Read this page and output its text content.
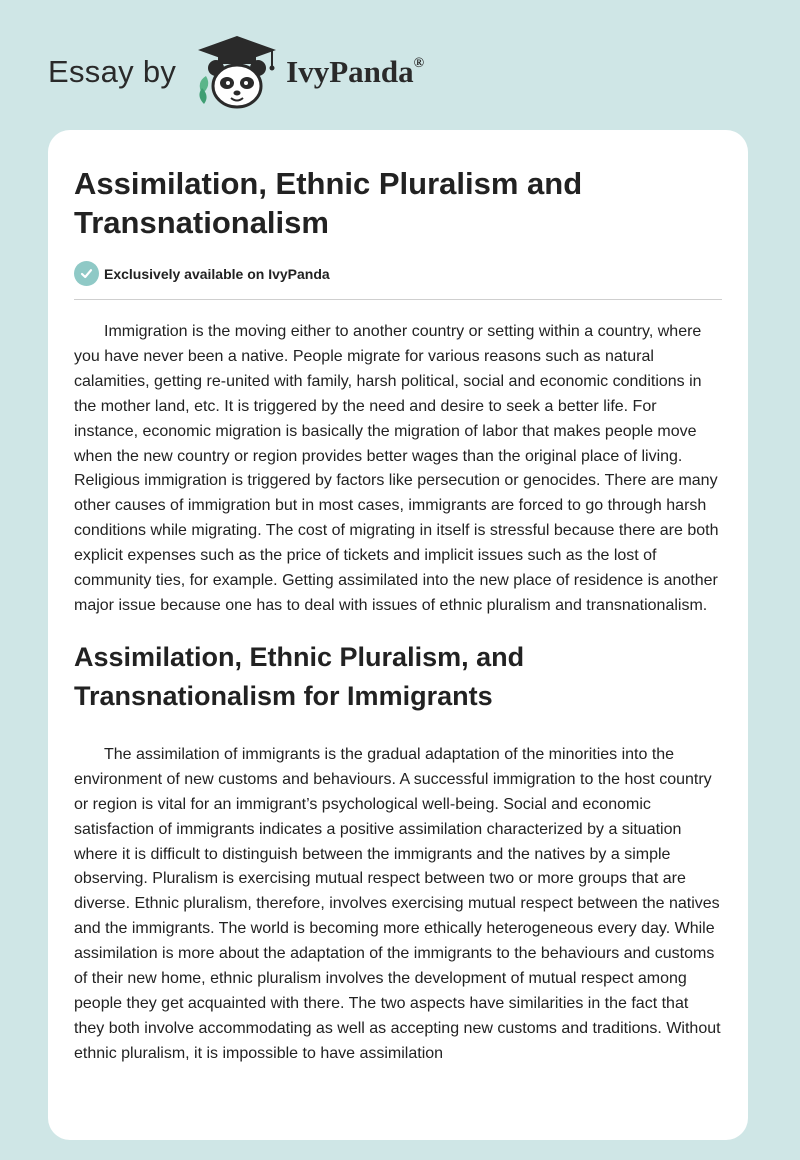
Essay by	IvyPanda®
Assimilation, Ethnic Pluralism and Transnationalism
Exclusively available on IvyPanda

Immigration is the moving either to another country or setting within a country, where you have never been a native. People migrate for various reasons such as natural calamities, getting re-united with family, harsh political, social and economic conditions in the mother land, etc. It is triggered by the need and desire to seek a better life. For instance, economic migration is basically the migration of labor that makes people move when the new country or region provides better wages than the original place of living. Religious immigration is triggered by factors like persecution or genocides. There are many other causes of immigration but in most cases, immigrants are forced to go through harsh conditions while migrating. The cost of migrating in itself is stressful because there are both explicit expenses such as the price of tickets and implicit issues such as the lost of community ties, for example. Getting assimilated into the new place of residence is another major issue because one has to deal with issues of ethnic pluralism and transnationalism.

Assimilation, Ethnic Pluralism, and Transnationalism for Immigrants

The assimilation of immigrants is the gradual adaptation of the minorities into the environment of new customs and behaviours. A successful immigration to the host country or region is vital for an immigrant’s psychological well-being. Social and economic satisfaction of immigrants indicates a positive assimilation characterized by a situation where it is difficult to distinguish between the immigrants and the natives by a simple observing. Pluralism is exercising mutual respect between two or more groups that are diverse. Ethnic pluralism, therefore, involves exercising mutual respect between the natives and the immigrants. The world is becoming more ethically heterogeneous every day. While assimilation is more about the adaptation of the immigrants to the behaviours and customs of their new home, ethnic pluralism involves the development of mutual respect among people they get acquainted with there. The two aspects have similarities in the fact that they both involve accommodating as well as accepting new customs and traditions. Without ethnic pluralism, it is impossible to have assimilation
